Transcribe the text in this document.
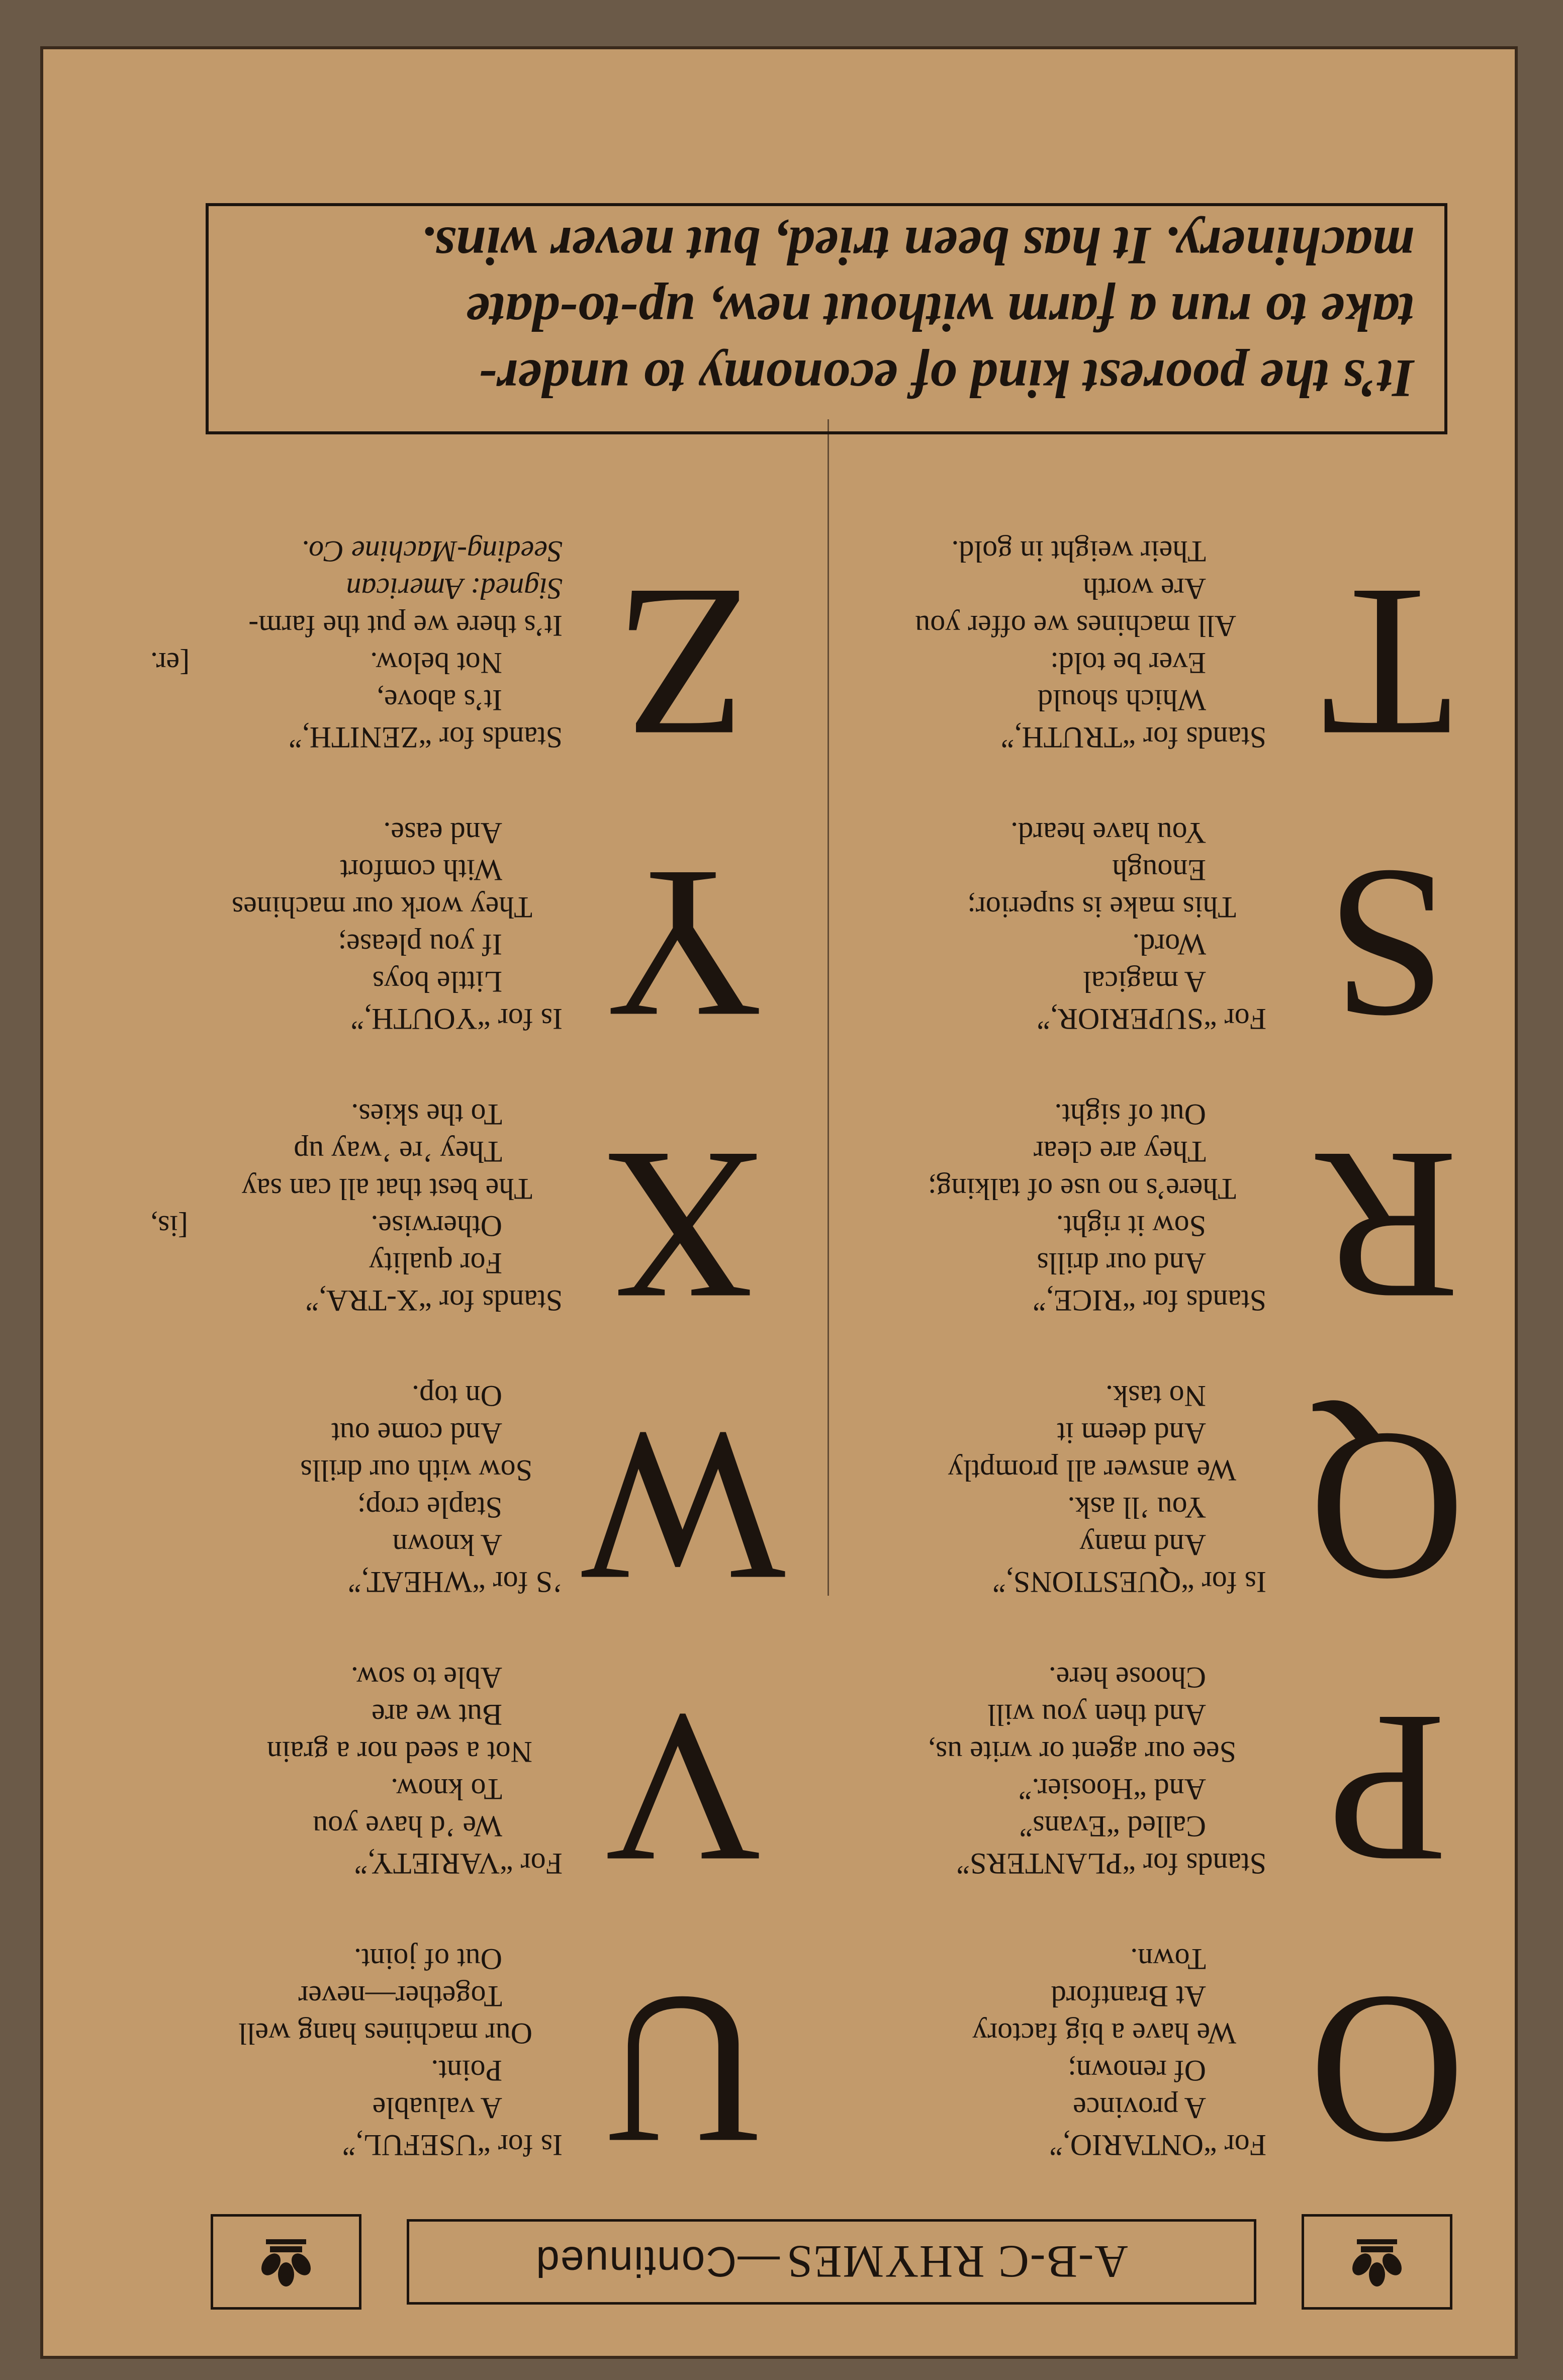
A-B-C RHYMES
—Continued
O
For “ONTARIO,”
A province
Of renown;
We have a big factory
At Brantford
Town.
P
Stands for “PLANTERS”
Called “Evans”
And “Hoosier.”
See our agent or write us,
And then you will
Choose here.
Q
Is for “QUESTIONS,”
And many
You ’ll ask.
We answer all promptly
And deem it
No task.
R
Stands for “RICE,”
And our drills
Sow it right.
There’s no use of talking;
They are clear
Out of sight.
S
For “SUPERIOR,”
A magical
Word.
This make is superior;
Enough
You have heard.
T
Stands for “TRUTH,”
Which should
Ever be told:
All machines we offer you
Are worth
Their weight in gold.
U
Is for “USEFUL,”
A valuable
Point.
Our machines hang well
Together—never
Out of joint.
V
For “VARIETY,”
We ’d have you
To know.
Not a seed nor a grain
But we are
Able to sow.
W
’S for “WHEAT,”
A known
Staple crop;
Sow with our drills
And come out
On top.
X
Stands for “X-TRA,”
For quality
Otherwise.
[is,
The best that all can say
They ’re ’way up
To the skies.
Y
Is for “YOUTH,”
Little boys
If you please;
They work our machines
With comfort
And ease.
Z
Stands for “ZENITH,”
It’s above,
Not below.
[er.
It’s there we put the farm-
Signed: American
Seeding-Machine Co.
It’s the poorest kind of economy to under-
take to run a farm without new, up-to-date
machinery. It has been tried, but never wins.
